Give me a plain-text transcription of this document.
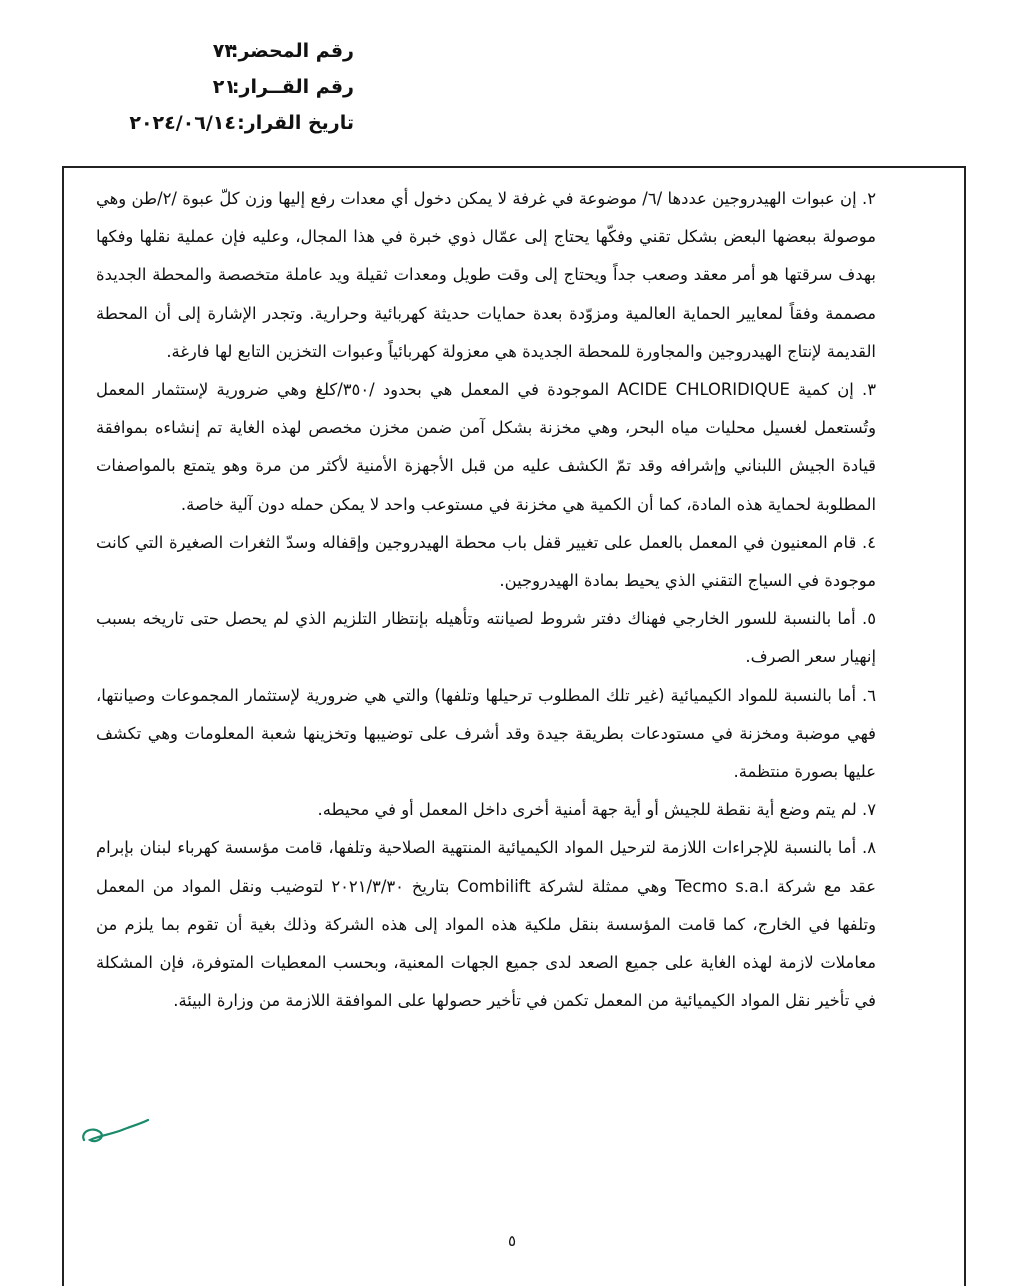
رقم المحضر:
٧٣
رقم القــرار:
٢١
تاريخ القرار:
٢٠٢٤/٠٦/١٤

٢. إن عبوات الهيدروجين عددها /٦/ موضوعة في غرفة لا يمكن دخول أي معدات رفع إليها وزن كلّ عبوة /٢/طن وهي موصولة ببعضها البعض بشكل تقني وفكّها يحتاج إلى عمّال ذوي خبرة في هذا المجال، وعليه فإن عملية نقلها وفكها بهدف سرقتها هو أمر معقد وصعب جداً ويحتاج إلى وقت طويل ومعدات ثقيلة ويد عاملة متخصصة والمحطة الجديدة مصممة وفقاً لمعايير الحماية العالمية ومزوّدة بعدة حمايات حديثة كهربائية وحرارية. وتجدر الإشارة إلى أن المحطة القديمة لإنتاج الهيدروجين والمجاورة للمحطة الجديدة هي معزولة كهربائياً وعبوات التخزين التابع لها فارغة.

٣. إن كمية ACIDE CHLORIDIQUE الموجودة في المعمل هي بحدود /٣٥٠/كلغ وهي ضرورية لإستثمار المعمل وتُستعمل لغسيل محليات مياه البحر، وهي مخزنة بشكل آمن ضمن مخزن مخصص لهذه الغاية تم إنشاءه بموافقة قيادة الجيش اللبناني وإشرافه وقد تمّ الكشف عليه من قبل الأجهزة الأمنية لأكثر من مرة وهو يتمتع بالمواصفات المطلوبة لحماية هذه المادة، كما أن الكمية هي مخزنة في مستوعب واحد لا يمكن حمله دون آلية خاصة.

٤. قام المعنيون في المعمل بالعمل على تغيير قفل باب محطة الهيدروجين وإقفاله وسدّ الثغرات الصغيرة التي كانت موجودة في السياج التقني الذي يحيط بمادة الهيدروجين.

٥. أما بالنسبة للسور الخارجي فهناك دفتر شروط لصيانته وتأهيله بإنتظار التلزيم الذي لم يحصل حتى تاريخه بسبب إنهيار سعر الصرف.

٦. أما بالنسبة للمواد الكيميائية (غير تلك المطلوب ترحيلها وتلفها) والتي هي ضرورية لإستثمار المجموعات وصيانتها، فهي موضبة ومخزنة في مستودعات بطريقة جيدة وقد أشرف على توضيبها وتخزينها شعبة المعلومات وهي تكشف عليها بصورة منتظمة.

٧. لم يتم وضع أية نقطة للجيش أو أية جهة أمنية أخرى داخل المعمل أو في محيطه.

٨. أما بالنسبة للإجراءات اللازمة لترحيل المواد الكيميائية المنتهية الصلاحية وتلفها، قامت مؤسسة كهرباء لبنان بإبرام عقد مع شركة Tecmo s.a.l وهي ممثلة لشركة Combilift بتاريخ ٢٠٢١/٣/٣٠ لتوضيب ونقل المواد من المعمل وتلفها في الخارج، كما قامت المؤسسة بنقل ملكية هذه المواد إلى هذه الشركة وذلك بغية أن تقوم بما يلزم من معاملات لازمة لهذه الغاية على جميع الصعد لدى جميع الجهات المعنية، وبحسب المعطيات المتوفرة، فإن المشكلة في تأخير نقل المواد الكيميائية من المعمل تكمن في تأخير حصولها على الموافقة اللازمة من وزارة البيئة.

٥
